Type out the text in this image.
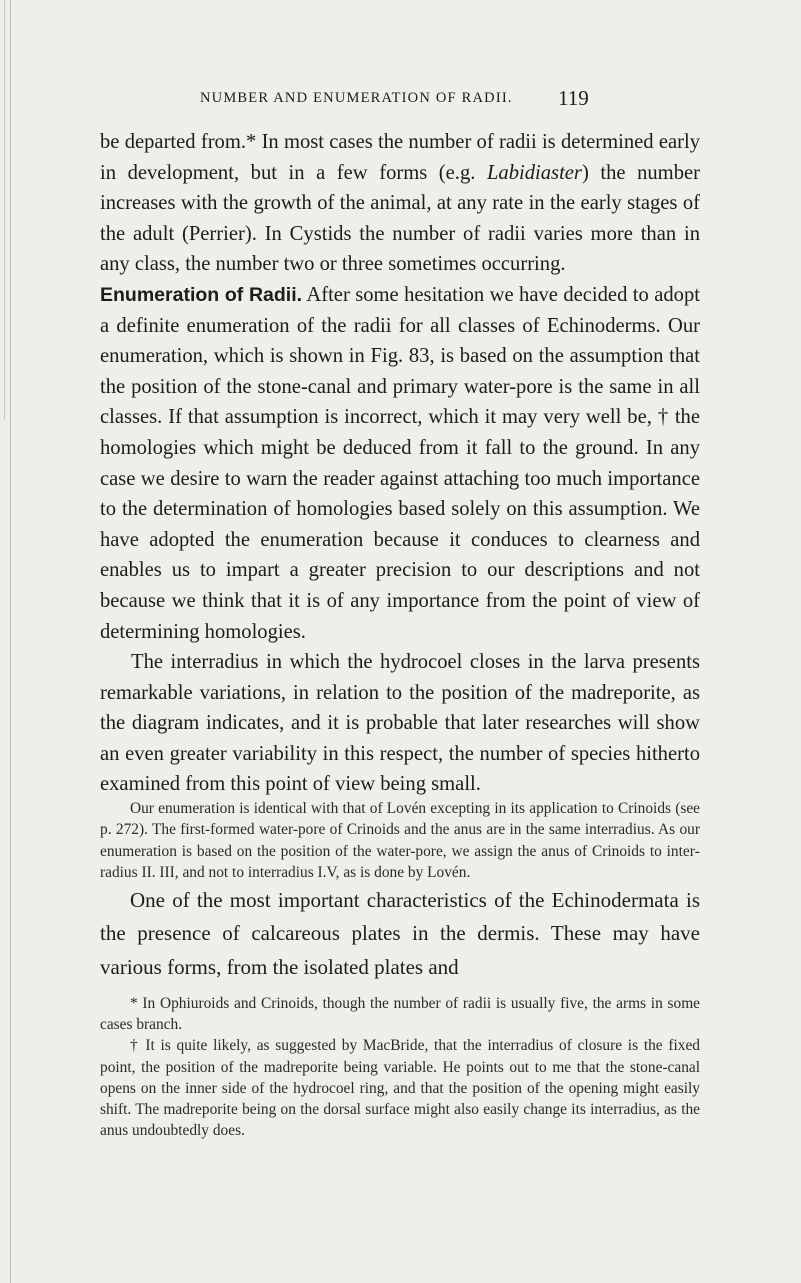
NUMBER AND ENUMERATION OF RADII. 119

be departed from.* In most cases the number of radii is determined early in development, but in a few forms (e.g. Labidiaster) the number increases with the growth of the animal, at any rate in the early stages of the adult (Perrier). In Cystids the number of radii varies more than in any class, the number two or three sometimes occurring.

Enumeration of Radii. After some hesitation we have decided to adopt a definite enumeration of the radii for all classes of Echinoderms. Our enumeration, which is shown in Fig. 83, is based on the assumption that the position of the stone-canal and primary water-pore is the same in all classes. If that assumption is incorrect, which it may very well be, † the homologies which might be deduced from it fall to the ground. In any case we desire to warn the reader against attaching too much importance to the determination of homologies based solely on this assumption. We have adopted the enumeration because it conduces to clearness and enables us to impart a greater precision to our descriptions and not because we think that it is of any importance from the point of view of determining homologies.

The interradius in which the hydrocoel closes in the larva presents remarkable variations, in relation to the position of the madreporite, as the diagram indicates, and it is probable that later researches will show an even greater variability in this respect, the number of species hitherto examined from this point of view being small.

Our enumeration is identical with that of Lovén excepting in its application to Crinoids (see p. 272). The first-formed water-pore of Crinoids and the anus are in the same interradius. As our enumeration is based on the position of the water-pore, we assign the anus of Crinoids to interradius II. III, and not to interradius I.V, as is done by Lovén.

One of the most important characteristics of the Echinodermata is the presence of calcareous plates in the dermis. These may have various forms, from the isolated plates and

* In Ophiuroids and Crinoids, though the number of radii is usually five, the arms in some cases branch.

† It is quite likely, as suggested by MacBride, that the interradius of closure is the fixed point, the position of the madreporite being variable. He points out to me that the stone-canal opens on the inner side of the hydrocoel ring, and that the position of the opening might easily shift. The madreporite being on the dorsal surface might also easily change its interradius, as the anus undoubtedly does.
